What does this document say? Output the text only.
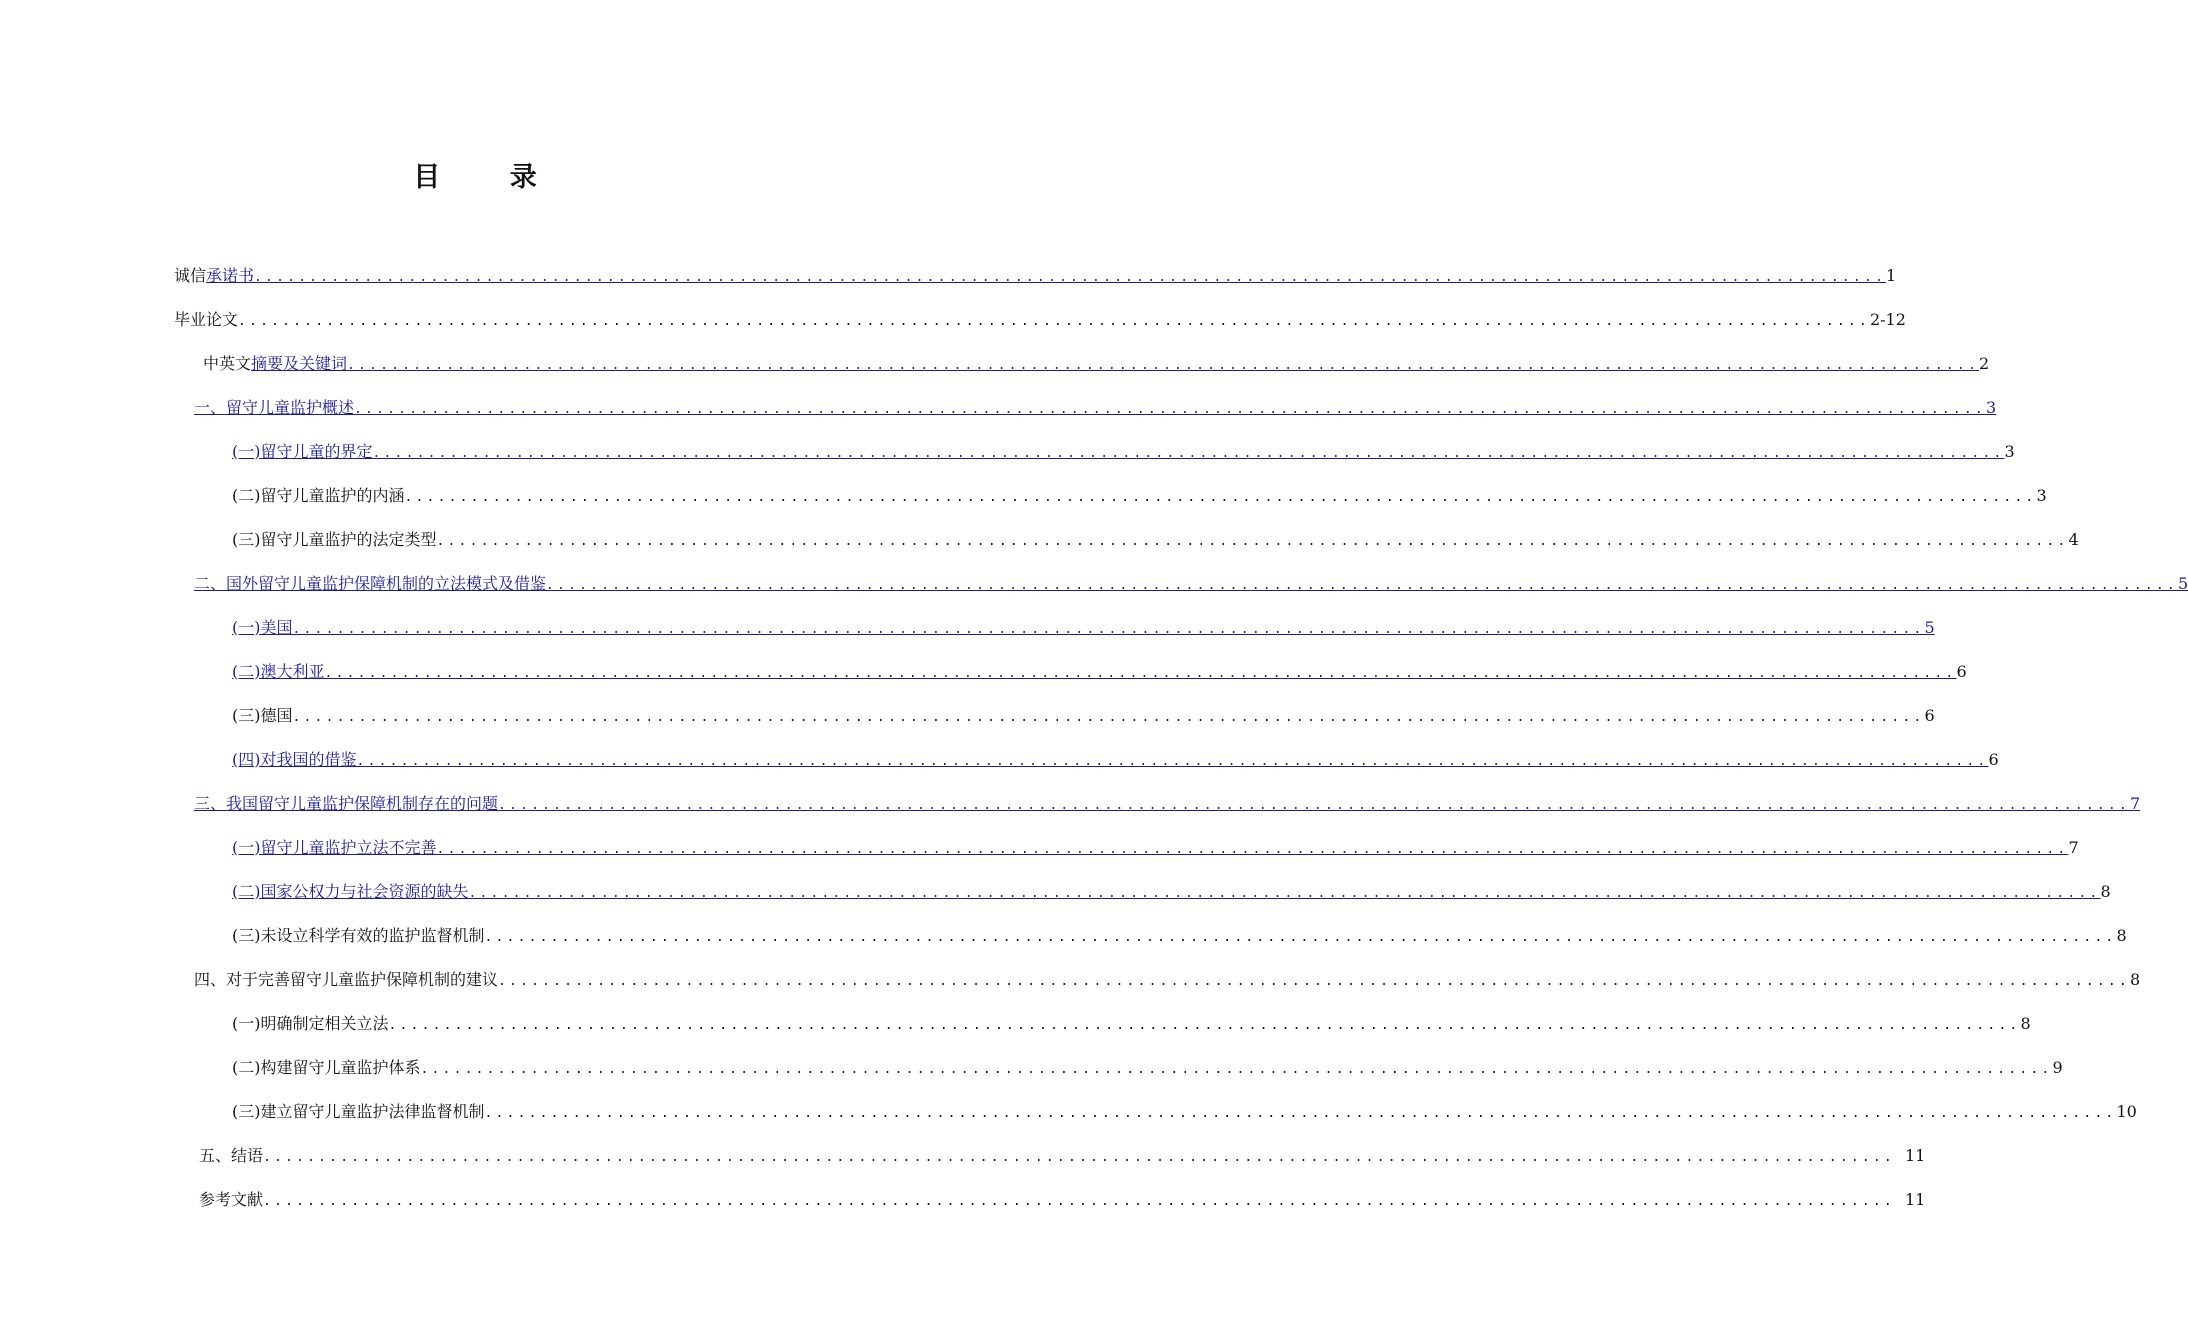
目 录
诚信承诺书 .................................................................................................................................................... 1
毕业论文 .................................................................................................................................................... 2-12
中英文摘要及关键词 .................................................................................................................................................... 2
一、留守儿童监护概述 .................................................................................................................................................... 3
(一)留守儿童的界定 .................................................................................................................................................... 3
(二)留守儿童监护的内涵 .................................................................................................................................................... 3
(三)留守儿童监护的法定类型 .................................................................................................................................................... 4
二、国外留守儿童监护保障机制的立法模式及借鉴 .................................................................................................................................................... 5
(一)美国 .................................................................................................................................................... 5
(二)澳大利亚 .................................................................................................................................................... 6
(三)德国 .................................................................................................................................................... 6
(四)对我国的借鉴 .................................................................................................................................................... 6
三、我国留守儿童监护保障机制存在的问题 .................................................................................................................................................... 7
(一)留守儿童监护立法不完善 .................................................................................................................................................... 7
(二)国家公权力与社会资源的缺失 .................................................................................................................................................... 8
(三)未设立科学有效的监护监督机制 .................................................................................................................................................... 8
四、对于完善留守儿童监护保障机制的建议 .................................................................................................................................................... 8
(一)明确制定相关立法 .................................................................................................................................................... 8
(二)构建留守儿童监护体系 .................................................................................................................................................... 9
(三)建立留守儿童监护法律监督机制 .................................................................................................................................................... 10
五、结语 .................................................................................................................................................... 11
参考文献 .................................................................................................................................................... 11
